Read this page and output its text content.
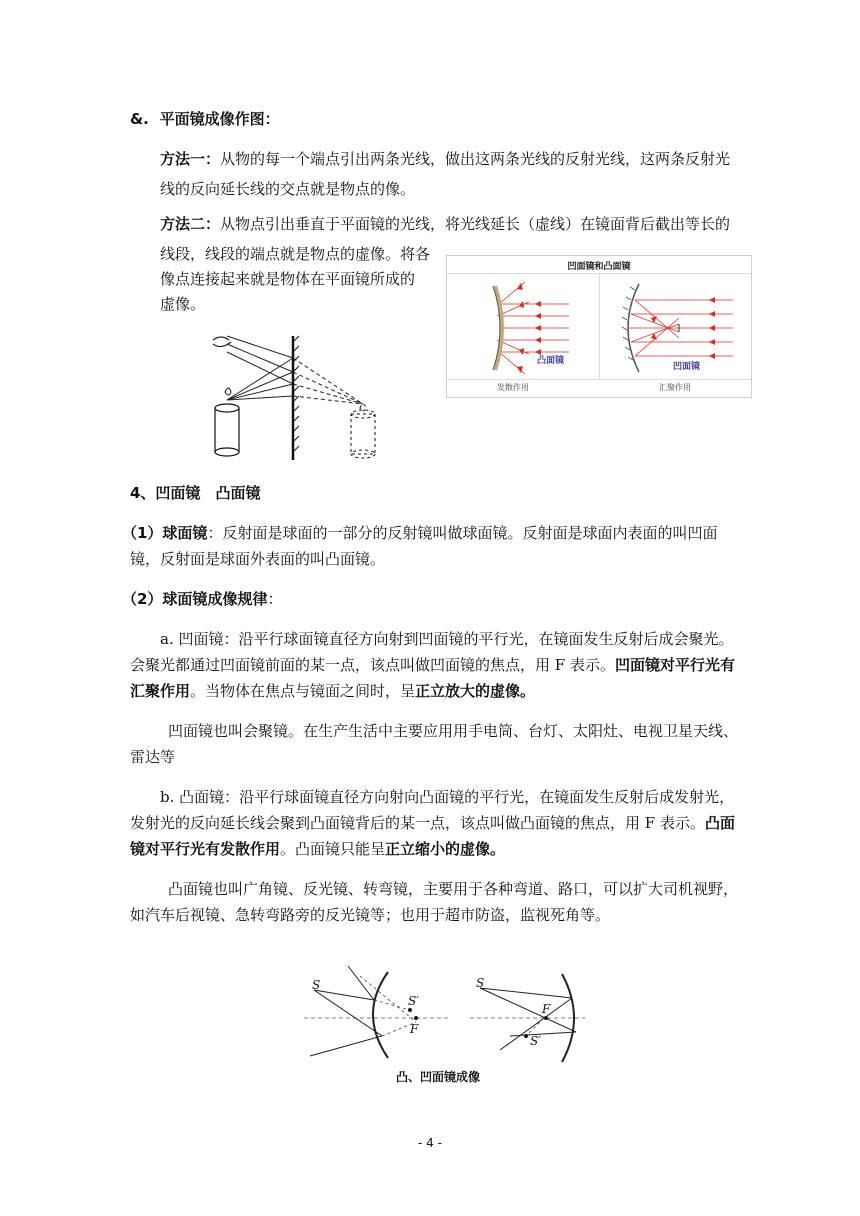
&. 平面镜成像作图：
方法一：从物的每一个端点引出两条光线，做出这两条光线的反射光线，这两条反射光
线的反向延长线的交点就是物点的像。
方法二：从物点引出垂直于平面镜的光线，将光线延长（虚线）在镜面背后截出等长的
线段，线段的端点就是物点的虚像。将各
像点连接起来就是物体在平面镜所成的
虚像。
凹面镜和凸面镜
凸面镜
凹面镜
发散作用	汇聚作用
4、凹面镜　凸面镜
（1）球面镜：反射面是球面的一部分的反射镜叫做球面镜。反射面是球面内表面的叫凹面
镜，反射面是球面外表面的叫凸面镜。
（2）球面镜成像规律：
a. 凹面镜：沿平行球面镜直径方向射到凹面镜的平行光，在镜面发生反射后成会聚光。
会聚光都通过凹面镜前面的某一点，该点叫做凹面镜的焦点，用 F 表示。凹面镜对平行光有
汇聚作用。当物体在焦点与镜面之间时，呈正立放大的虚像。
凹面镜也叫会聚镜。在生产生活中主要应用用手电筒、台灯、太阳灶、电视卫星天线、
雷达等
b. 凸面镜：沿平行球面镜直径方向射向凸面镜的平行光，在镜面发生反射后成发射光，
发射光的反向延长线会聚到凸面镜背后的某一点，该点叫做凸面镜的焦点，用 F 表示。凸面
镜对平行光有发散作用。凸面镜只能呈正立缩小的虚像。
凸面镜也叫广角镜、反光镜、转弯镜，主要用于各种弯道、路口，可以扩大司机视野，
如汽车后视镜、急转弯路旁的反光镜等；也用于超市防盗，监视死角等。
S
S′
F
S
F
S′
凸、凹面镜成像
- 4 -
